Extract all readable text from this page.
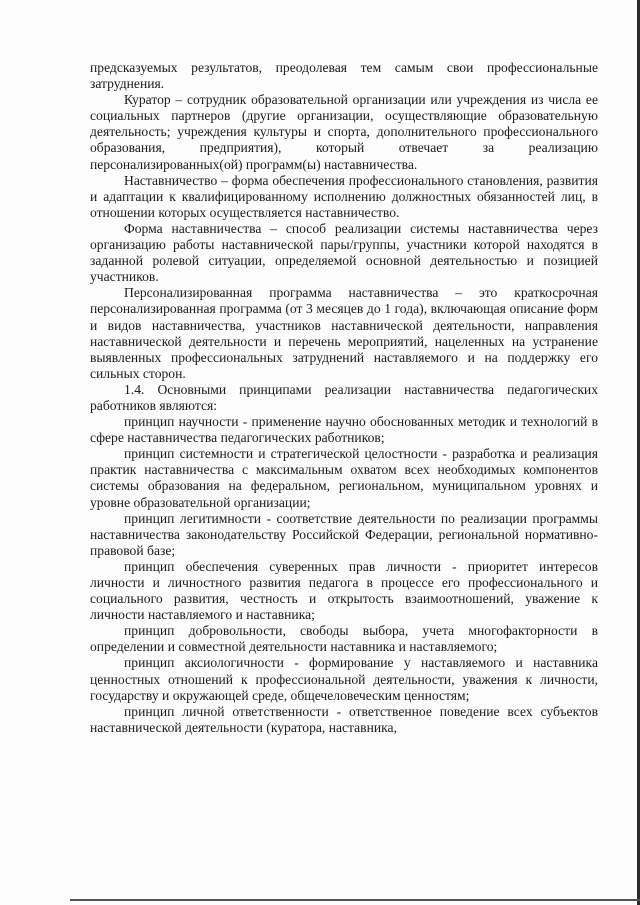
предсказуемых результатов, преодолевая тем самым свои профессиональные затруднения.

Куратор – сотрудник образовательной организации или учреждения из числа ее социальных партнеров (другие организации, осуществляющие образовательную деятельность; учреждения культуры и спорта, дополнительного профессионального образования, предприятия), который отвечает за реализацию персонализированных(ой) программ(ы) наставничества.

Наставничество – форма обеспечения профессионального становления, развития и адаптации к квалифицированному исполнению должностных обязанностей лиц, в отношении которых осуществляется наставничество.

Форма наставничества – способ реализации системы наставничества через организацию работы наставнической пары/группы, участники которой находятся в заданной ролевой ситуации, определяемой основной деятельностью и позицией участников.

Персонализированная программа наставничества – это краткосрочная персонализированная программа (от 3 месяцев до 1 года), включающая описание форм и видов наставничества, участников наставнической деятельности, направления наставнической деятельности и перечень мероприятий, нацеленных на устранение выявленных профессиональных затруднений наставляемого и на поддержку его сильных сторон.

1.4. Основными принципами реализации наставничества педагогических работников являются:

принцип научности - применение научно обоснованных методик и технологий в сфере наставничества педагогических работников;

принцип системности и стратегической целостности - разработка и реализация практик наставничества с максимальным охватом всех необходимых компонентов системы образования на федеральном, региональном, муниципальном уровнях и уровне образовательной организации;

принцип легитимности - соответствие деятельности по реализации программы наставничества законодательству Российской Федерации, региональной нормативно-правовой базе;

принцип обеспечения суверенных прав личности - приоритет интересов личности и личностного развития педагога в процессе его профессионального и социального развития, честность и открытость взаимоотношений, уважение к личности наставляемого и наставника;

принцип добровольности, свободы выбора, учета многофакторности в определении и совместной деятельности наставника и наставляемого;

принцип аксиологичности - формирование у наставляемого и наставника ценностных отношений к профессиональной деятельности, уважения к личности, государству и окружающей среде, общечеловеческим ценностям;

принцип личной ответственности - ответственное поведение всех субъектов наставнической деятельности (куратора, наставника,
